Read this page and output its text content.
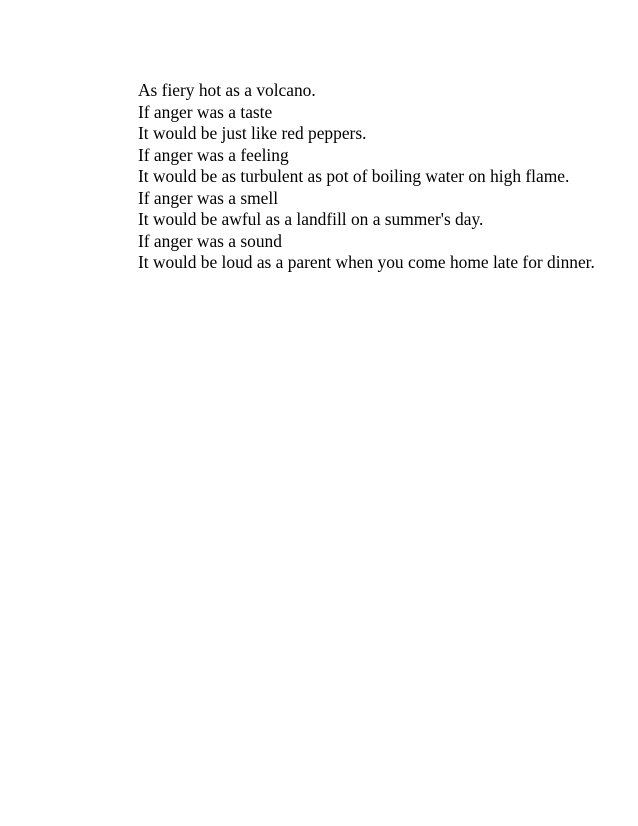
As fiery hot as a volcano.
If anger was a taste
It would be just like red peppers.
If anger was a feeling
It would be as turbulent as pot of boiling water on high flame.
If anger was a smell
It would be awful as a landfill on a summer's day.
If anger was a sound
It would be loud as a parent when you come home late for dinner.
